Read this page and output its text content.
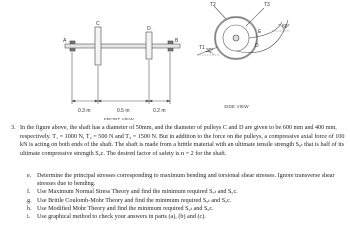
A
C
D
B
0.3 m	0.5 m	0.2 m
FRONT VIEW
T1
T2	T3
D
E
30°
60°
SIDE VIEW
3. In the figure above, the shaft has a diameter of 50mm, and the diameter of pulleys C and D are given to be 600 mm and 400 mm, respectively. T₁ = 1000 N, T₂ = 500 N and T₃ = 1500 N. But in addition to the force on the pulleys, a compressive axial force of 100 kN is acting on both ends of the shaft. The shaft is made from a brittle material with an ultimate tensile strength Sᵤₜ that is half of its ultimate compressive strength Sᵤc. The desired factor of safety is n = 2 for the shaft.
e. Determine the principal stresses corresponding to maximum bending and torsional shear stresses. Ignore transverse shear stresses due to bending.
f. Use Maximum Normal Stress Theory and find the minimum required Sᵤₜ and Sᵤc.
g. Use Brittle Coulomb-Mohr Theory and find the minimum required Sᵤₜ and Sᵤc.
h. Use Modified Mohr Theory and find the minimum required Sᵤₜ and Sᵤc.
i. Use graphical method to check your answers in parts (a), (b) and (c).
